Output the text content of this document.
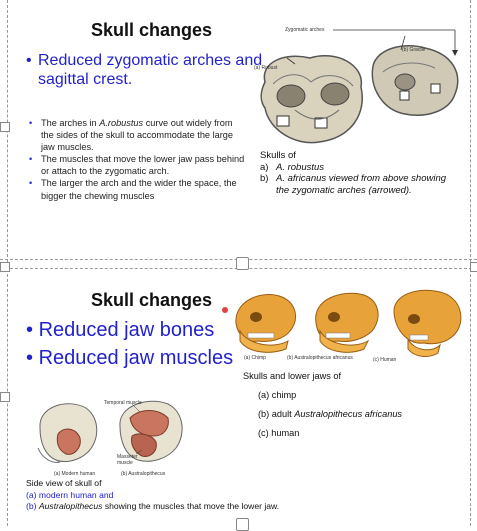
Skull changes
• Reduced zygomatic arches and sagittal crest.
• The arches in A.robustus curve out widely from the sides of the skull to accommodate the large jaw muscles.
• The muscles that move the lower jaw pass behind or attach to the zygomatic arch.
• The larger the arch and the wider the space, the bigger the chewing muscles
Zygomatic arches
(a) Robust
(b) Gracile
Skulls of
a) A. robustus
b) A. africanus viewed from above showing the zygomatic arches (arrowed).
Skull changes
• Reduced jaw bones
• Reduced jaw muscles (a) Chimp	(b) Australopithecus africanus	(c) Human
Skulls and lower jaws of
(a) chimp
(b) adult Australopithecus africanus
(c) human
Temporal muscle
Masseter muscle
(a) Modern human	(b) Australopithecus
Side view of skull of
(a) modern human and
(b) Australopithecus showing the muscles that move the lower jaw.
